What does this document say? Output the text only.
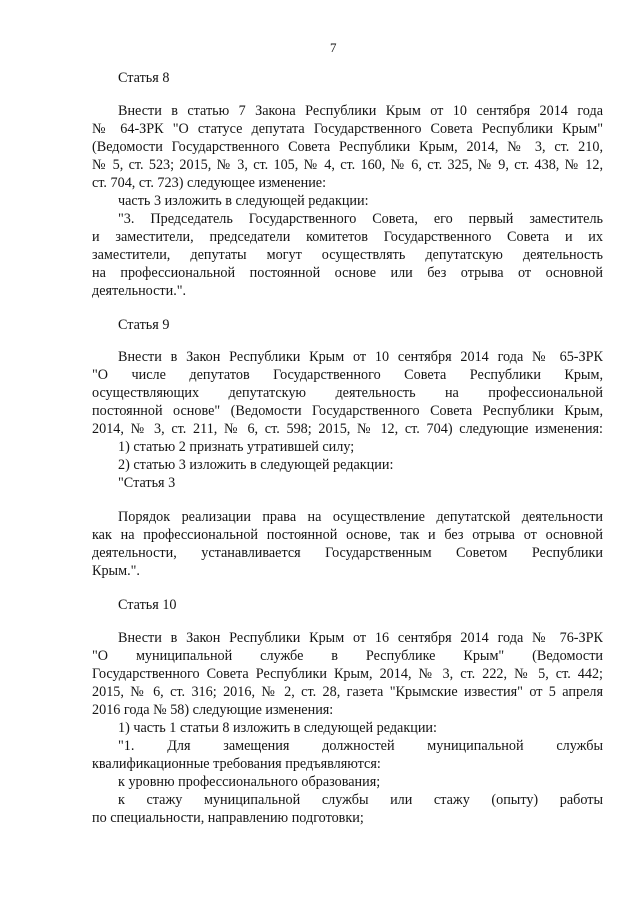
7
Статья 8
Внести в статью 7 Закона Республики Крым от 10 сентября 2014 года
№ 64-ЗРК "О статусе депутата Государственного Совета Республики Крым"
(Ведомости Государственного Совета Республики Крым, 2014, № 3, ст. 210,
№ 5, ст. 523; 2015, № 3, ст. 105, № 4, ст. 160, № 6, ст. 325, № 9, ст. 438, № 12,
ст. 704, ст. 723) следующее изменение:
часть 3 изложить в следующей редакции:
"3. Председатель Государственного Совета, его первый заместитель
и заместители, председатели комитетов Государственного Совета и их
заместители, депутаты могут осуществлять депутатскую деятельность
на профессиональной постоянной основе или без отрыва от основной
деятельности.".
Статья 9
Внести в Закон Республики Крым от 10 сентября 2014 года № 65-ЗРК
"О числе депутатов Государственного Совета Республики Крым,
осуществляющих депутатскую деятельность на профессиональной
постоянной основе" (Ведомости Государственного Совета Республики Крым,
2014, № 3, ст. 211, № 6, ст. 598; 2015, № 12, ст. 704) следующие изменения:
1) статью 2 признать утратившей силу;
2) статью 3 изложить в следующей редакции:
"Статья 3
Порядок реализации права на осуществление депутатской деятельности
как на профессиональной постоянной основе, так и без отрыва от основной
деятельности, устанавливается Государственным Советом Республики
Крым.".
Статья 10
Внести в Закон Республики Крым от 16 сентября 2014 года № 76-ЗРК
"О муниципальной службе в Республике Крым" (Ведомости
Государственного Совета Республики Крым, 2014, № 3, ст. 222, № 5, ст. 442;
2015, № 6, ст. 316; 2016, № 2, ст. 28, газета "Крымские известия" от 5 апреля
2016 года № 58) следующие изменения:
1) часть 1 статьи 8 изложить в следующей редакции:
"1. Для замещения должностей муниципальной службы
квалификационные требования предъявляются:
к уровню профессионального образования;
к стажу муниципальной службы или стажу (опыту) работы
по специальности, направлению подготовки;
